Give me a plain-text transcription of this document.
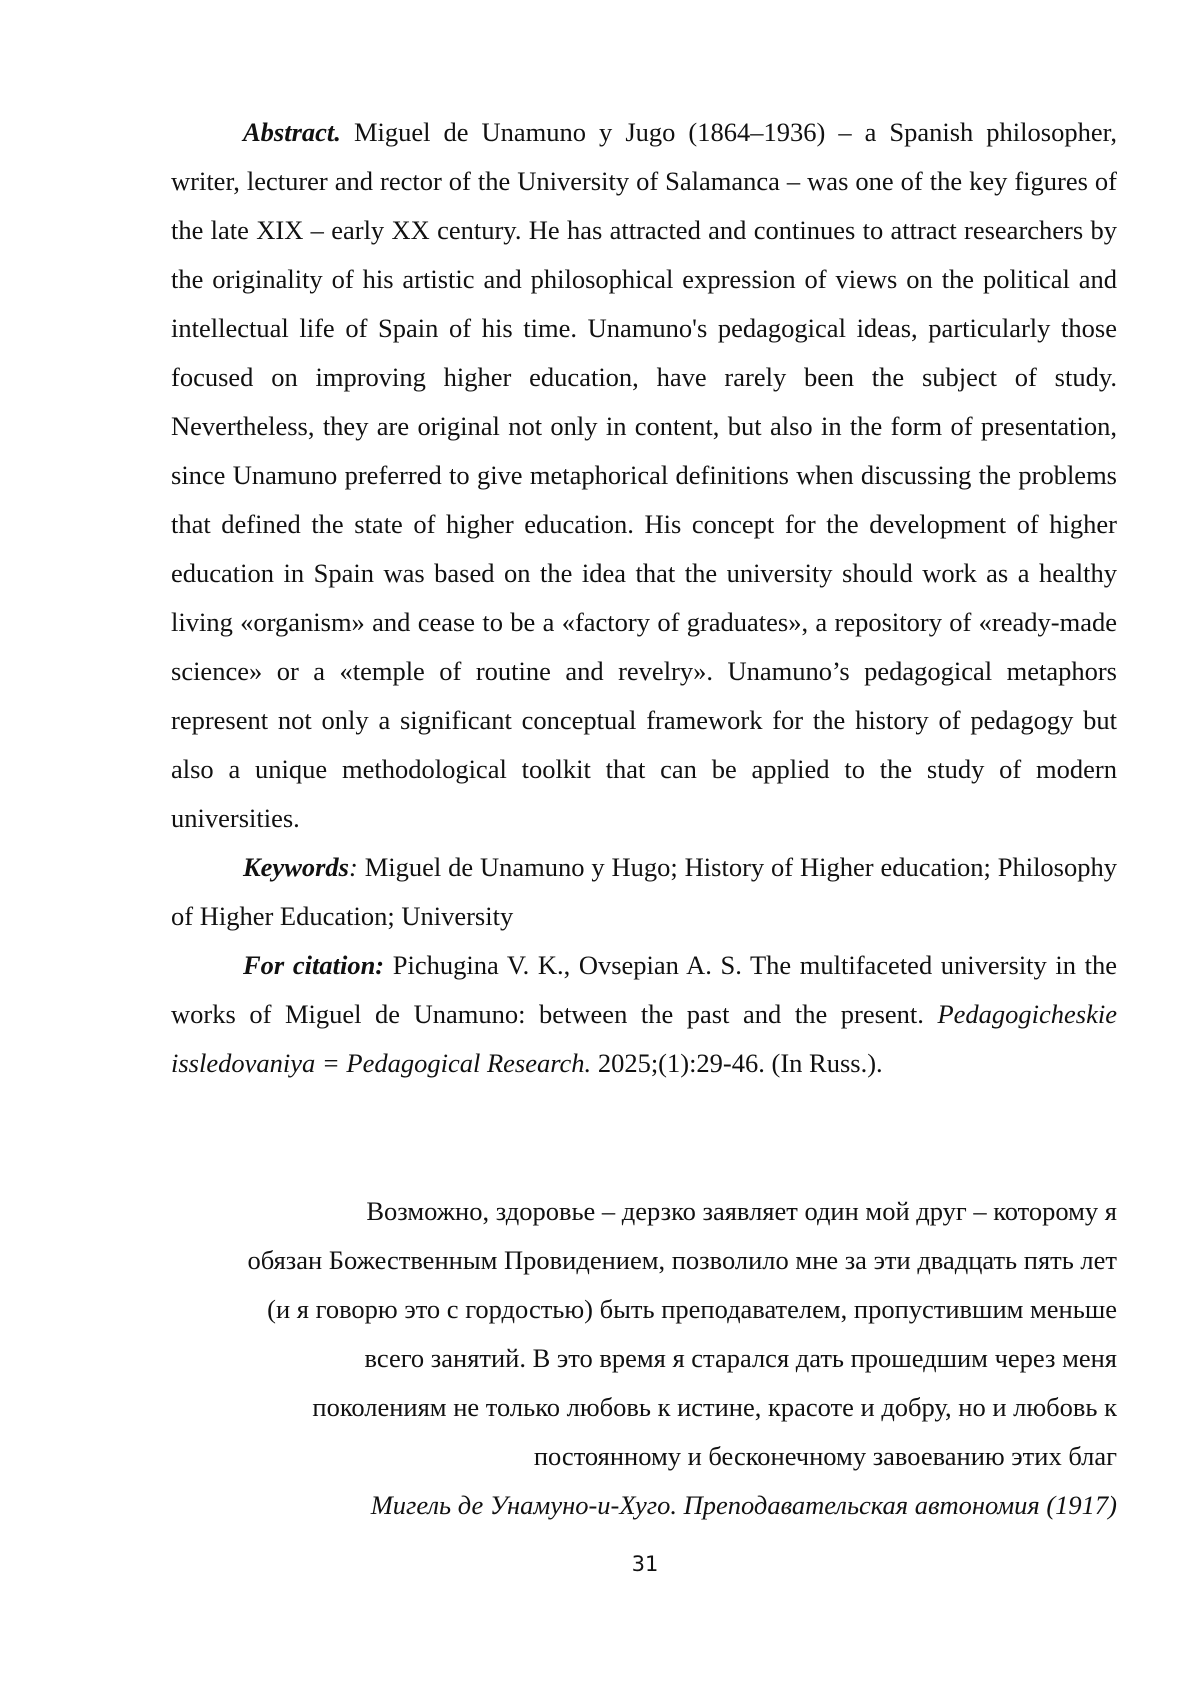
Abstract. Miguel de Unamuno y Jugo (1864–1936) – a Spanish philosopher, writer, lecturer and rector of the University of Salamanca – was one of the key figures of the late XIX – early XX century. He has attracted and continues to attract researchers by the originality of his artistic and philosophical expression of views on the political and intellectual life of Spain of his time. Unamuno's pedagogical ideas, particularly those focused on improving higher education, have rarely been the subject of study. Nevertheless, they are original not only in content, but also in the form of presentation, since Unamuno preferred to give metaphorical definitions when discussing the problems that defined the state of higher education. His concept for the development of higher education in Spain was based on the idea that the university should work as a healthy living «organism» and cease to be a «factory of graduates», a repository of «ready-made science» or a «temple of routine and revelry». Unamuno’s pedagogical metaphors represent not only a significant conceptual framework for the history of pedagogy but also a unique methodological toolkit that can be applied to the study of modern universities.

Keywords: Miguel de Unamuno y Hugo; History of Higher education; Philosophy of Higher Education; University

For citation: Pichugina V. K., Ovsepian A. S. The multifaceted university in the works of Miguel de Unamuno: between the past and the present. Pedagogicheskie issledovaniya = Pedagogical Research. 2025;(1):29-46. (In Russ.).

Возможно, здоровье – дерзко заявляет один мой друг – которому я

обязан Божественным Провидением, позволило мне за эти двадцать пять лет

(и я говорю это с гордостью) быть преподавателем, пропустившим меньше

всего занятий. В это время я старался дать прошедшим через меня

поколениям не только любовь к истине, красоте и добру, но и любовь к

постоянному и бесконечному завоеванию этих благ

Мигель де Унамуно-и-Хуго. Преподавательская автономия (1917)

31
